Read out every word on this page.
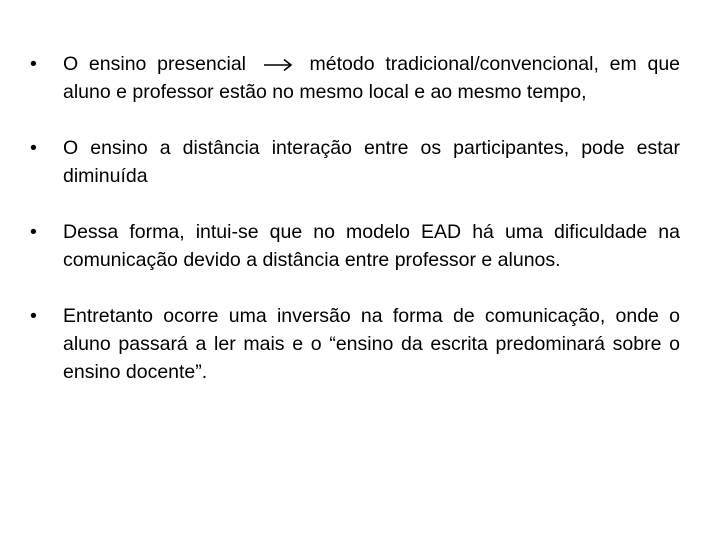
•	O ensino presencial	método tradicional/convencional, em que aluno e professor estão no mesmo local e ao mesmo tempo,
•	O ensino a distância interação entre os participantes, pode estar diminuída
•	Dessa forma, intui-se que no modelo EAD há uma dificuldade na comunicação devido a distância entre professor e alunos.
•	Entretanto ocorre uma inversão na forma de comunicação, onde o aluno passará a ler mais e o “ensino da escrita predominará sobre o ensino docente”.
